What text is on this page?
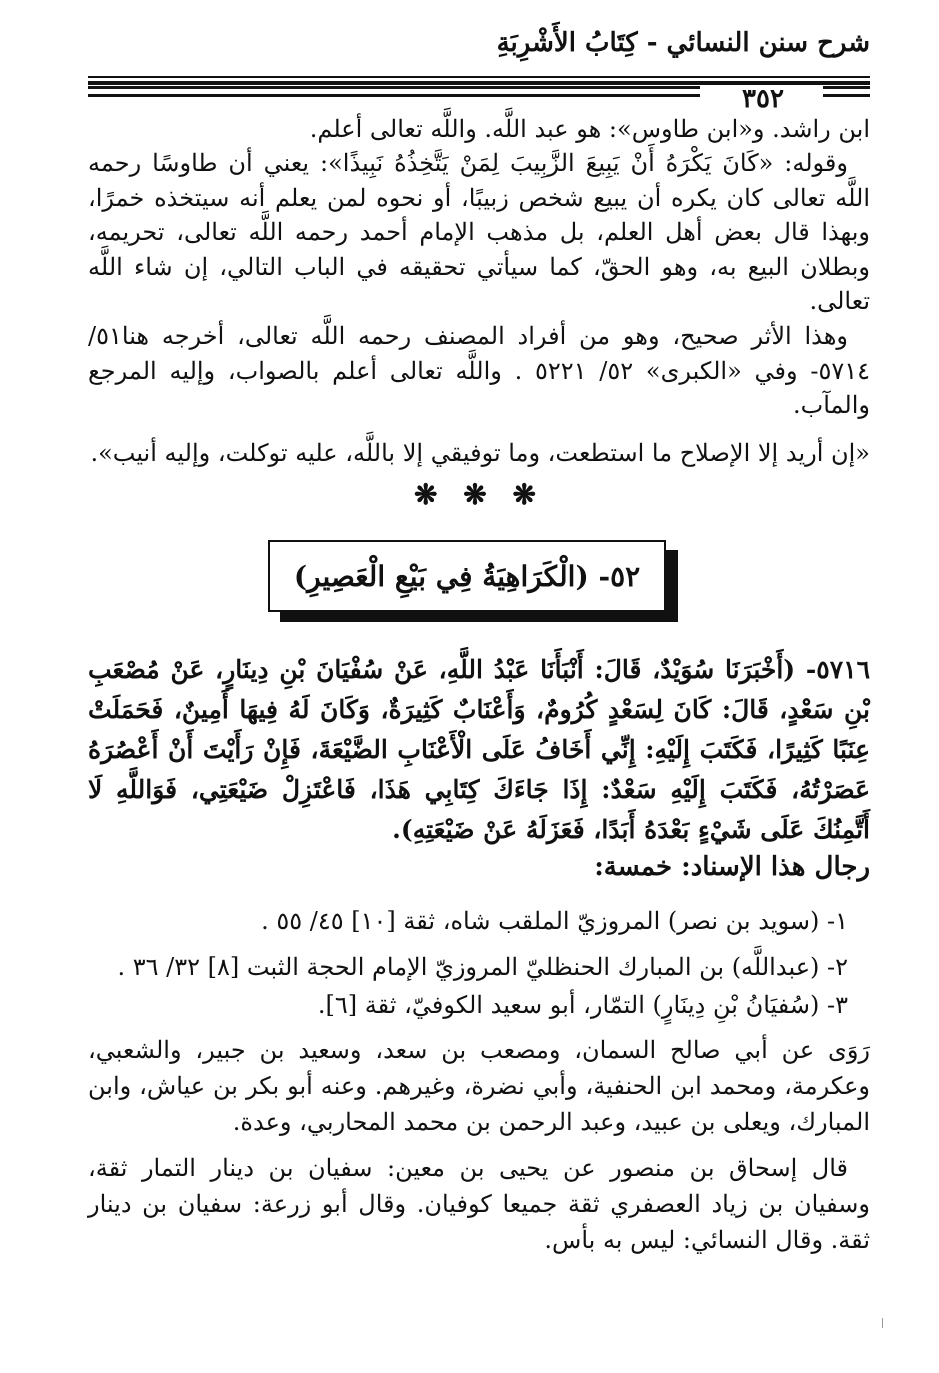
شرح سنن النسائي - كِتَابُ الأَشْرِبَةِ
٣٥٢

ابن راشد. و«ابن طاوس»: هو عبد اللَّه. واللَّه تعالى أعلم.

وقوله: «كَانَ يَكْرَهُ أَنْ يَبِيعَ الزَّبِيبَ لِمَنْ يَتَّخِذُهُ نَبِيذًا»: يعني أن طاوسًا رحمه اللَّه تعالى كان يكره أن يبيع شخص زبيبًا، أو نحوه لمن يعلم أنه سيتخذه خمرًا، وبهذا قال بعض أهل العلم، بل مذهب الإمام أحمد رحمه اللَّه تعالى، تحريمه، وبطلان البيع به، وهو الحقّ، كما سيأتي تحقيقه في الباب التالي، إن شاء اللَّه تعالى.

وهذا الأثر صحيح، وهو من أفراد المصنف رحمه اللَّه تعالى، أخرجه هنا٥١/ ٥٧١٤- وفي «الكبرى» ٥٢/ ٥٢٢١ . واللَّه تعالى أعلم بالصواب، وإليه المرجع والمآب.

«إن أريد إلا الإصلاح ما استطعت، وما توفيقي إلا باللَّه، عليه توكلت، وإليه أنيب».

❋ ❋ ❋
٥٢- (الْكَرَاهِيَةُ فِي بَيْعِ الْعَصِيرِ)

٥٧١٦- (أَخْبَرَنَا سُوَيْدٌ، قَالَ: أَنْبَأَنَا عَبْدُ اللَّهِ، عَنْ سُفْيَانَ بْنِ دِينَارٍ، عَنْ مُصْعَبِ بْنِ سَعْدٍ، قَالَ: كَانَ لِسَعْدٍ كُرُومٌ، وَأَعْنَابٌ كَثِيرَةٌ، وَكَانَ لَهُ فِيهَا أَمِينٌ، فَحَمَلَتْ عِنَبًا كَثِيرًا، فَكَتَبَ إِلَيْهِ: إِنِّي أَخَافُ عَلَى الْأَعْنَابِ الضَّيْعَةَ، فَإِنْ رَأَيْتَ أَنْ أَعْصُرَهُ عَصَرْتُهُ، فَكَتَبَ إِلَيْهِ سَعْدٌ: إِذَا جَاءَكَ كِتَابِي هَذَا، فَاعْتَزِلْ ضَيْعَتِي، فَوَاللَّهِ لَا أَتَّمِنُكَ عَلَى شَيْءٍ بَعْدَهُ أَبَدًا، فَعَزَلَهُ عَنْ ضَيْعَتِهِ).

رجال هذا الإسناد: خمسة:

١- (سويد بن نصر) المروزيّ الملقب شاه، ثقة [١٠] ٤٥/ ٥٥ .

٢- (عبداللَّه) بن المبارك الحنظليّ المروزيّ الإمام الحجة الثبت [٨] ٣٢/ ٣٦ .

٣- (سُفيَانُ بْنِ دِينَارٍ) التمّار، أبو سعيد الكوفيّ، ثقة [٦].

رَوَى عن أبي صالح السمان، ومصعب بن سعد، وسعيد بن جبير، والشعبي، وعكرمة، ومحمد ابن الحنفية، وأبي نضرة، وغيرهم. وعنه أبو بكر بن عياش، وابن المبارك، ويعلى بن عبيد، وعبد الرحمن بن محمد المحاربي، وعدة.

قال إسحاق بن منصور عن يحيى بن معين: سفيان بن دينار التمار ثقة، وسفيان بن زياد العصفري ثقة جميعا كوفيان. وقال أبو زرعة: سفيان بن دينار ثقة. وقال النسائي: ليس به بأس.
